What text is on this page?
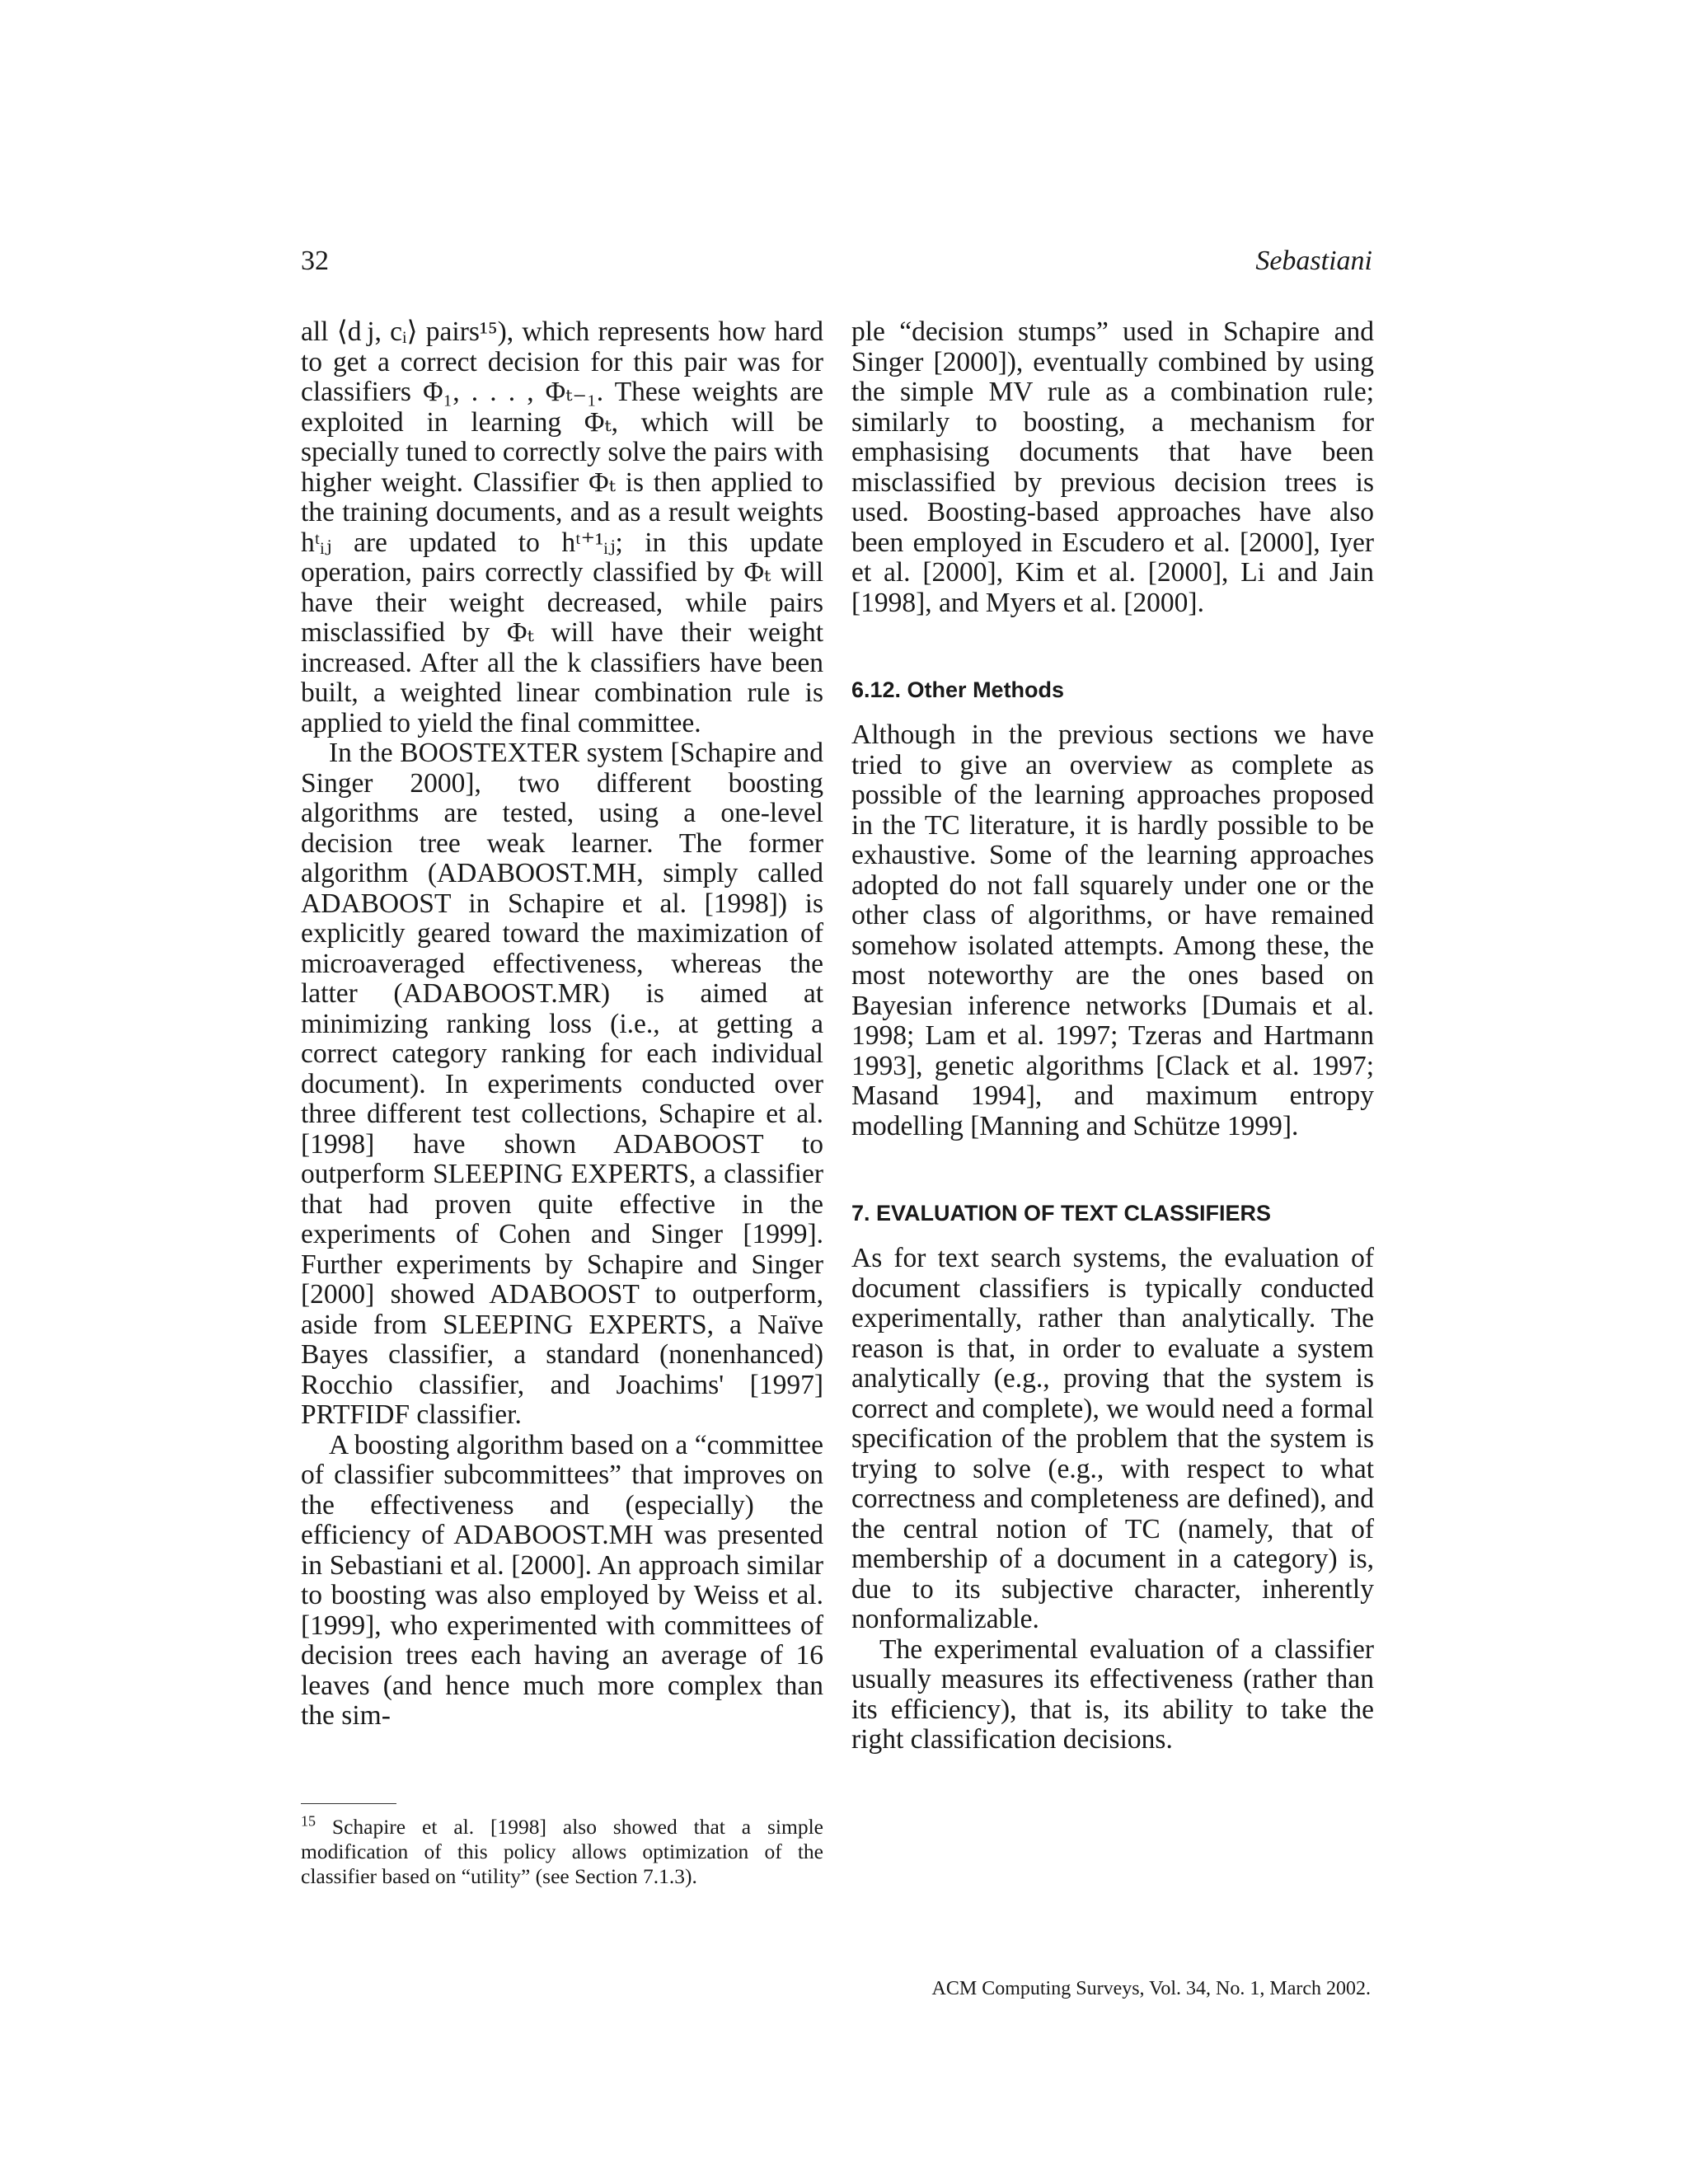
32	Sebastiani

all ⟨d j, cᵢ⟩ pairs¹⁵), which represents how hard to get a correct decision for this pair was for classifiers Φ₁, . . . , Φₜ₋₁. These weights are exploited in learning Φₜ, which will be specially tuned to correctly solve the pairs with higher weight. Classifier Φₜ is then applied to the training documents, and as a result weights hᵗᵢⱼ are updated to hᵗ⁺¹ᵢⱼ; in this update operation, pairs correctly classified by Φₜ will have their weight decreased, while pairs misclassified by Φₜ will have their weight increased. After all the k classifiers have been built, a weighted linear combination rule is applied to yield the final committee.

In the BOOSTEXTER system [Schapire and Singer 2000], two different boosting algorithms are tested, using a one-level decision tree weak learner. The former algorithm (ADABOOST.MH, simply called ADABOOST in Schapire et al. [1998]) is explicitly geared toward the maximization of microaveraged effectiveness, whereas the latter (ADABOOST.MR) is aimed at minimizing ranking loss (i.e., at getting a correct category ranking for each individual document). In experiments conducted over three different test collections, Schapire et al. [1998] have shown ADABOOST to outperform SLEEPING EXPERTS, a classifier that had proven quite effective in the experiments of Cohen and Singer [1999]. Further experiments by Schapire and Singer [2000] showed ADABOOST to outperform, aside from SLEEPING EXPERTS, a Naïve Bayes classifier, a standard (nonenhanced) Rocchio classifier, and Joachims' [1997] PRTFIDF classifier.

A boosting algorithm based on a “committee of classifier subcommittees” that improves on the effectiveness and (especially) the efficiency of ADABOOST.MH was presented in Sebastiani et al. [2000]. An approach similar to boosting was also employed by Weiss et al. [1999], who experimented with committees of decision trees each having an average of 16 leaves (and hence much more complex than the sim-

ple “decision stumps” used in Schapire and Singer [2000]), eventually combined by using the simple MV rule as a combination rule; similarly to boosting, a mechanism for emphasising documents that have been misclassified by previous decision trees is used. Boosting-based approaches have also been employed in Escudero et al. [2000], Iyer et al. [2000], Kim et al. [2000], Li and Jain [1998], and Myers et al. [2000].

6.12. Other Methods

Although in the previous sections we have tried to give an overview as complete as possible of the learning approaches proposed in the TC literature, it is hardly possible to be exhaustive. Some of the learning approaches adopted do not fall squarely under one or the other class of algorithms, or have remained somehow isolated attempts. Among these, the most noteworthy are the ones based on Bayesian inference networks [Dumais et al. 1998; Lam et al. 1997; Tzeras and Hartmann 1993], genetic algorithms [Clack et al. 1997; Masand 1994], and maximum entropy modelling [Manning and Schütze 1999].

7. EVALUATION OF TEXT CLASSIFIERS

As for text search systems, the evaluation of document classifiers is typically conducted experimentally, rather than analytically. The reason is that, in order to evaluate a system analytically (e.g., proving that the system is correct and complete), we would need a formal specification of the problem that the system is trying to solve (e.g., with respect to what correctness and completeness are defined), and the central notion of TC (namely, that of membership of a document in a category) is, due to its subjective character, inherently nonformalizable.

The experimental evaluation of a classifier usually measures its effectiveness (rather than its efficiency), that is, its ability to take the right classification decisions.

$^{15}$ Schapire et al. [1998] also showed that a simple modification of this policy allows optimization of the classifier based on “utility” (see Section 7.1.3).
ACM Computing Surveys, Vol. 34, No. 1, March 2002.
